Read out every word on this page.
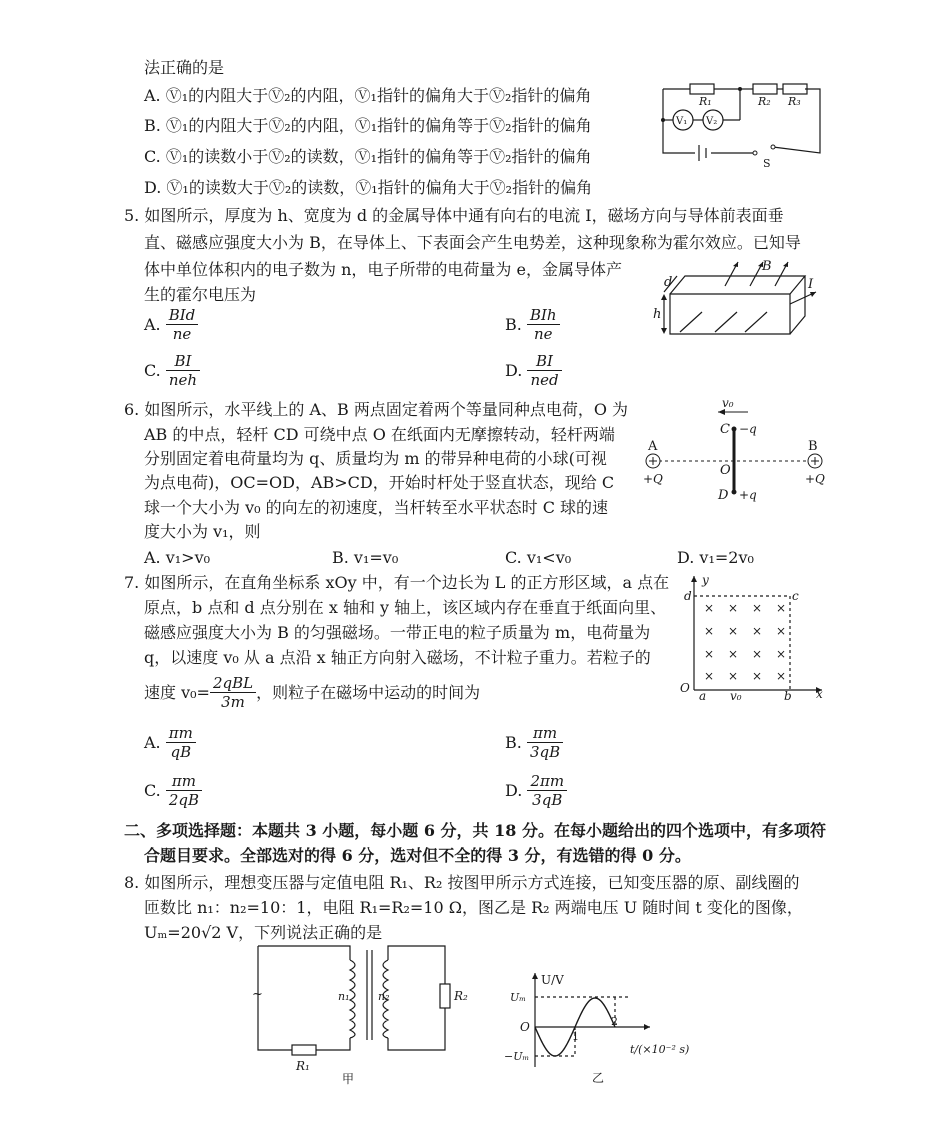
法正确的是
A. Ⓥ₁的内阻大于Ⓥ₂的内阻，Ⓥ₁指针的偏角大于Ⓥ₂指针的偏角
B. Ⓥ₁的内阻大于Ⓥ₂的内阻，Ⓥ₁指针的偏角等于Ⓥ₂指针的偏角
C. Ⓥ₁的读数小于Ⓥ₂的读数，Ⓥ₁指针的偏角等于Ⓥ₂指针的偏角
D. Ⓥ₁的读数大于Ⓥ₂的读数，Ⓥ₁指针的偏角大于Ⓥ₂指针的偏角
R₁	R₂ R₃
V₁ V₂
S
5. 如图所示，厚度为 h、宽度为 d 的金属导体中通有向右的电流 I，磁场方向与导体前表面垂
直、磁感应强度大小为 B，在导体上、下表面会产生电势差，这种现象称为霍尔效应。已知导
体中单位体积内的电子数为 n，电子所带的电荷量为 e，金属导体产
生的霍尔电压为
A. $\frac{\text{BId}}{ne}$	B. $\frac{\text{BIh}}{ne}$
C. $\frac{BI}{\text{neh}}$	D. $\frac{BI}{\text{ned}}$
B
I
d
h
6. 如图所示，水平线上的 A、B 两点固定着两个等量同种点电荷，O 为
AB 的中点，轻杆 CD 可绕中点 O 在纸面内无摩擦转动，轻杆两端
分别固定着电荷量均为 q、质量均为 m 的带异种电荷的小球(可视
为点电荷)，OC=OD，AB>CD，开始时杆处于竖直状态，现给 C
球一个大小为 v₀ 的向左的初速度，当杆转至水平状态时 C 球的速
度大小为 v₁，则
A. v₁>v₀	B. v₁=v₀	C. v₁<v₀	D. v₁=2v₀
v₀
A	B
C −q
O
D +q
+Q	+Q
7. 如图所示，在直角坐标系 xOy 中，有一个边长为 L 的正方形区域，a 点在
原点，b 点和 d 点分别在 x 轴和 y 轴上，该区域内存在垂直于纸面向里、
磁感应强度大小为 B 的匀强磁场。一带正电的粒子质量为 m，电荷量为
q，以速度 v₀ 从 a 点沿 x 轴正方向射入磁场，不计粒子重力。若粒子的
速度 $v_0= \frac{\text{2qBL}}{3m}$ ，则粒子在磁场中运动的时间为
A. $\frac{\pi m}{qB}$	B. $\frac{\pi m}{3qB}$
C. $\frac{\pi m}{2qB}$	D. $\frac{2\pi m}{3qB}$
× × × ×
× × × ×
× × × ×
× × × ×
y
x
d	c
O
a v₀	b
二、多项选择题：本题共 3 小题，每小题 6 分，共 18 分。在每小题给出的四个选项中，有多项符
合题目要求。全部选对的得 6 分，选对但不全的得 3 分，有选错的得 0 分。
8. 如图所示，理想变压器与定值电阻 R₁、R₂ 按图甲所示方式连接，已知变压器的原、副线圈的
匝数比 n₁：n₂=10：1，电阻 R₁=R₂=10 Ω，图乙是 R₂ 两端电压 U 随时间 t 变化的图像，
Uₘ=20√2 V，下列说法正确的是
~	n₁	n₂
R₁
R₂
甲
U/V
Uₘ
O
−Uₘ
1
2
t/(×10⁻² s)
乙
